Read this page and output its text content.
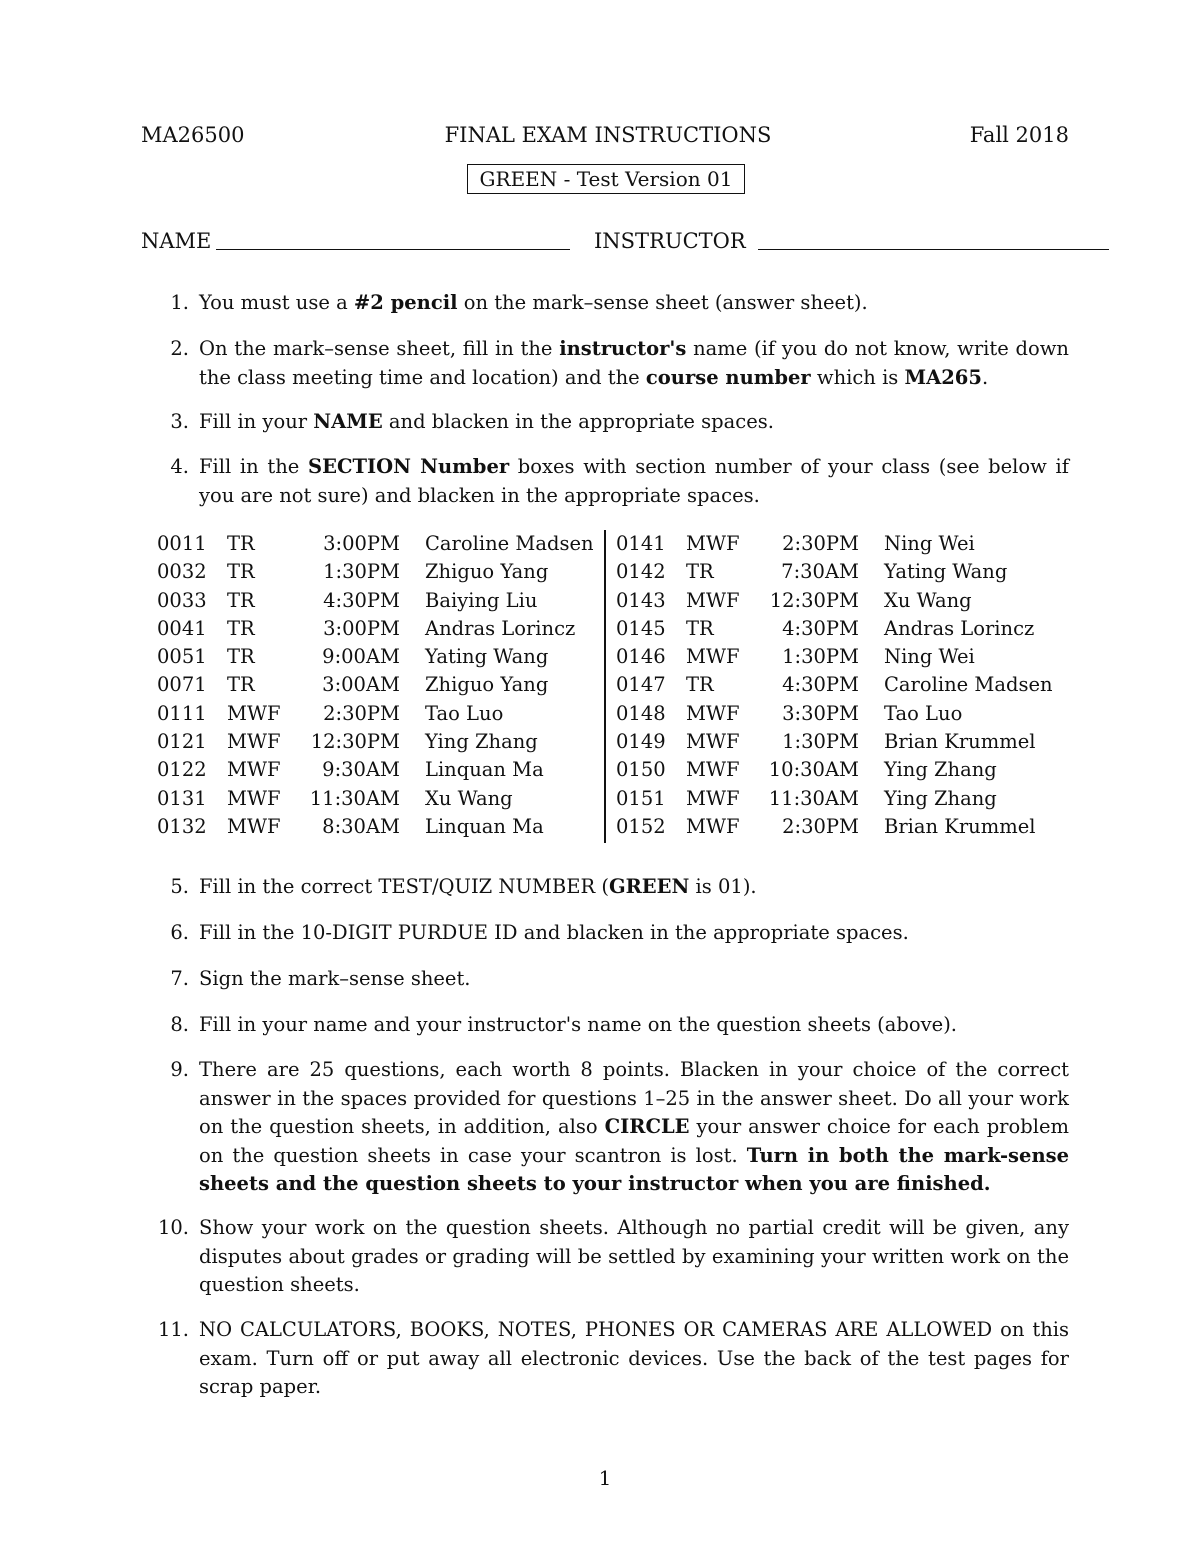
MA26500	FINAL EXAM INSTRUCTIONS	Fall 2018
GREEN - Test Version 01
NAME	INSTRUCTOR
1. You must use a #2 pencil on the mark–sense sheet (answer sheet).
2. On the mark–sense sheet, fill in the instructor's name (if you do not know, write down the class meeting time and location) and the course number which is MA265.
3. Fill in your NAME and blacken in the appropriate spaces.
4. Fill in the SECTION Number boxes with section number of your class (see below if you are not sure) and blacken in the appropriate spaces.
0011 TR	3:00PM Caroline Madsen
0032 TR	1:30PM Zhiguo Yang
0033 TR	4:30PM Baiying Liu
0041 TR	3:00PM Andras Lorincz
0051 TR	9:00AM Yating Wang
0071 TR	3:00AM Zhiguo Yang
0111 MWF	2:30PM Tao Luo
0121 MWF 12:30PM Ying Zhang
0122 MWF	9:30AM Linquan Ma
0131 MWF 11:30AM Xu Wang
0132 MWF	8:30AM Linquan Ma
0141 MWF	2:30PM Ning Wei
0142 TR	7:30AM Yating Wang
0143 MWF 12:30PM Xu Wang
0145 TR	4:30PM Andras Lorincz
0146 MWF	1:30PM Ning Wei
0147 TR	4:30PM Caroline Madsen
0148 MWF	3:30PM Tao Luo
0149 MWF	1:30PM Brian Krummel
0150 MWF 10:30AM Ying Zhang
0151 MWF 11:30AM Ying Zhang
0152 MWF	2:30PM Brian Krummel
5. Fill in the correct TEST/QUIZ NUMBER (GREEN is 01).
6. Fill in the 10-DIGIT PURDUE ID and blacken in the appropriate spaces.
7. Sign the mark–sense sheet.
8. Fill in your name and your instructor's name on the question sheets (above).
9. There are 25 questions, each worth 8 points. Blacken in your choice of the correct answer in the spaces provided for questions 1–25 in the answer sheet. Do all your work on the question sheets, in addition, also CIRCLE your answer choice for each problem on the question sheets in case your scantron is lost. Turn in both the mark-sense sheets and the question sheets to your instructor when you are finished.
10. Show your work on the question sheets. Although no partial credit will be given, any disputes about grades or grading will be settled by examining your written work on the question sheets.
11. NO CALCULATORS, BOOKS, NOTES, PHONES OR CAMERAS ARE ALLOWED on this exam. Turn off or put away all electronic devices. Use the back of the test pages for scrap paper.
1
